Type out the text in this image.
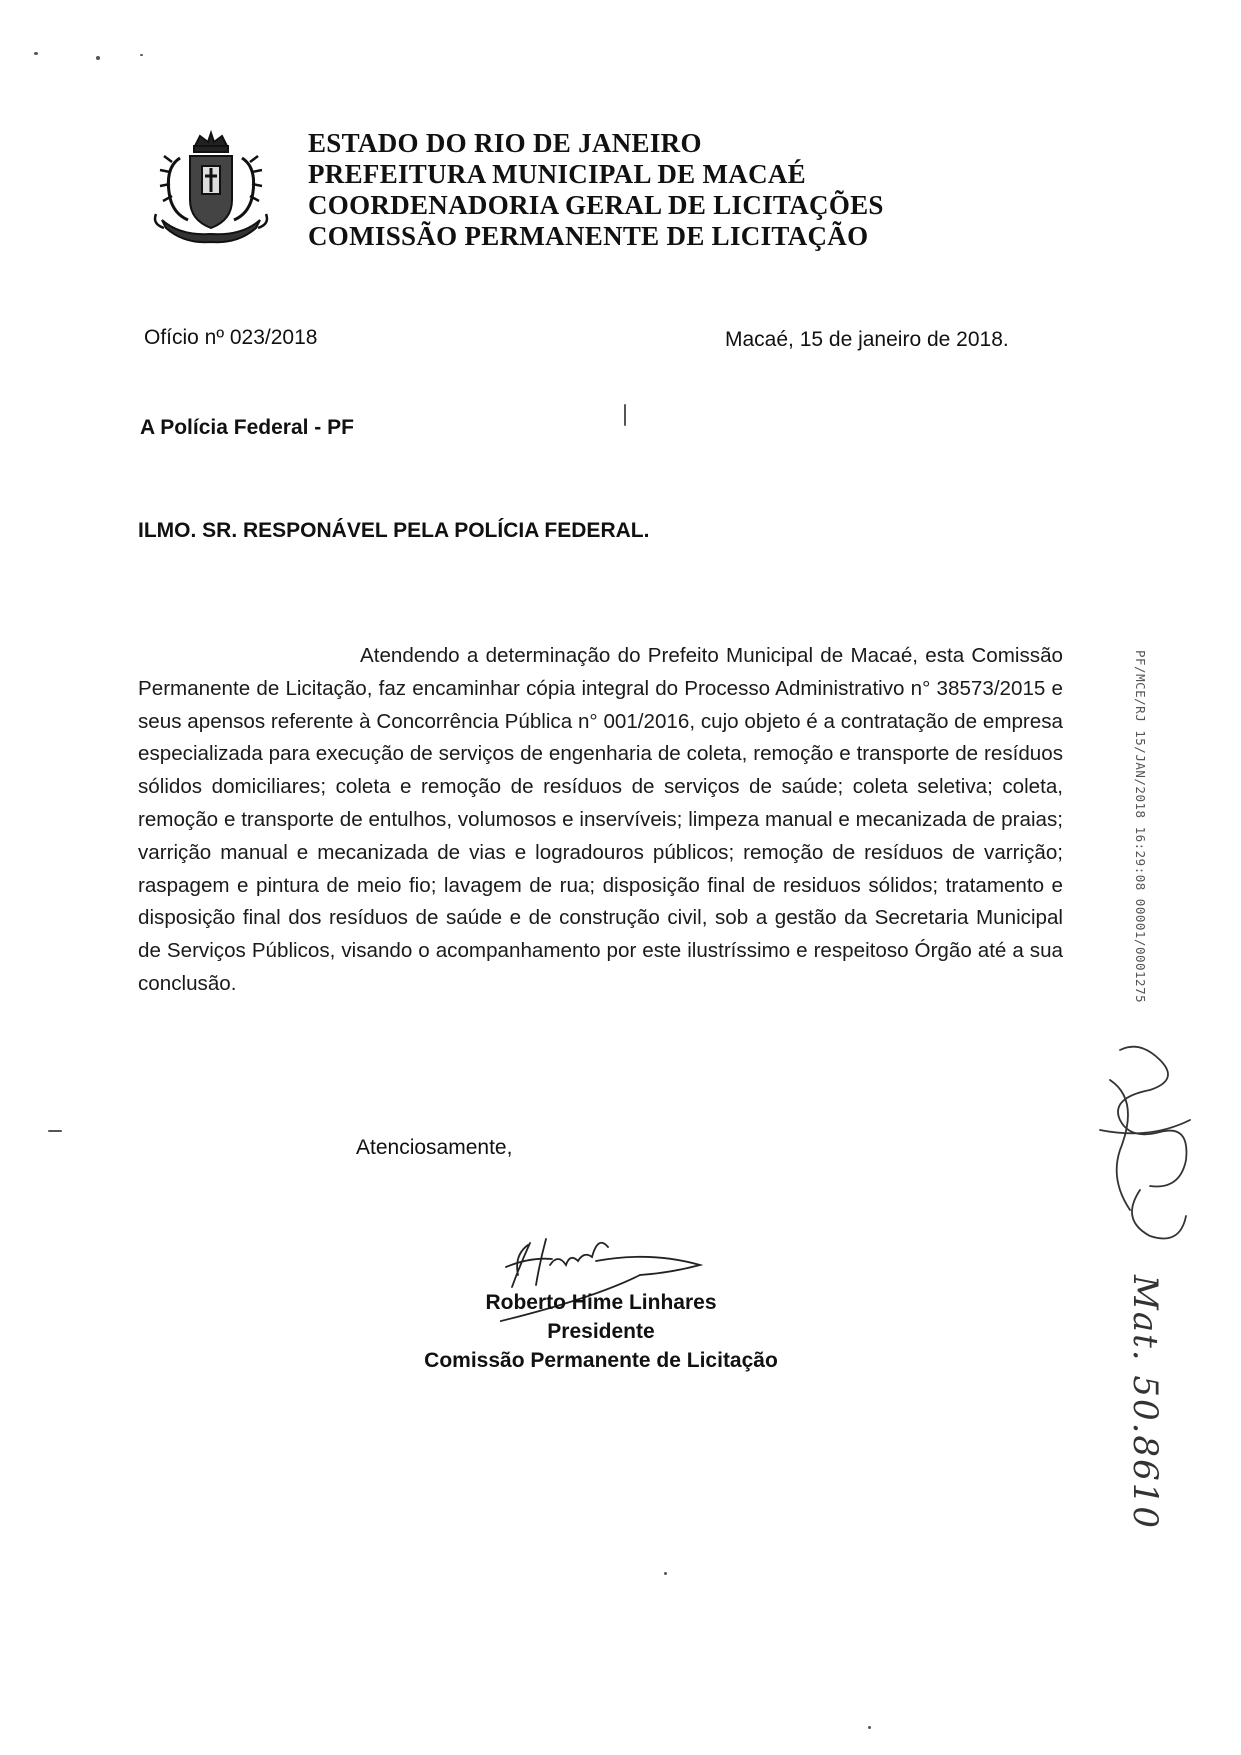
ESTADO DO RIO DE JANEIRO
PREFEITURA MUNICIPAL DE MACAÉ
COORDENADORIA GERAL DE LICITAÇÕES
COMISSÃO PERMANENTE DE LICITAÇÃO
Ofício nº 023/2018	Macaé, 15 de janeiro de 2018.
A Polícia Federal - PF
ILMO. SR. RESPONÁVEL PELA POLÍCIA FEDERAL.

Atendendo a determinação do Prefeito Municipal de Macaé, esta Comissão Permanente de Licitação, faz encaminhar cópia integral do Processo Administrativo n° 38573/2015 e seus apensos referente à Concorrência Pública n° 001/2016, cujo objeto é a contratação de empresa especializada para execução de serviços de engenharia de coleta, remoção e transporte de resíduos sólidos domiciliares; coleta e remoção de resíduos de serviços de saúde; coleta seletiva; coleta, remoção e transporte de entulhos, volumosos e inservíveis; limpeza manual e mecanizada de praias; varrição manual e mecanizada de vias e logradouros públicos; remoção de resíduos de varrição; raspagem e pintura de meio fio; lavagem de rua; disposição final de residuos sólidos; tratamento e disposição final dos resíduos de saúde e de construção civil, sob a gestão da Secretaria Municipal de Serviços Públicos, visando o acompanhamento por este ilustríssimo e respeitoso Órgão até a sua conclusão.

Atenciosamente,
Roberto Hime Linhares
Presidente
Comissão Permanente de Licitação
PF/MCE/RJ 15/JAN/2018 16:29:08 00001/0001275
Mat. 50.8610
